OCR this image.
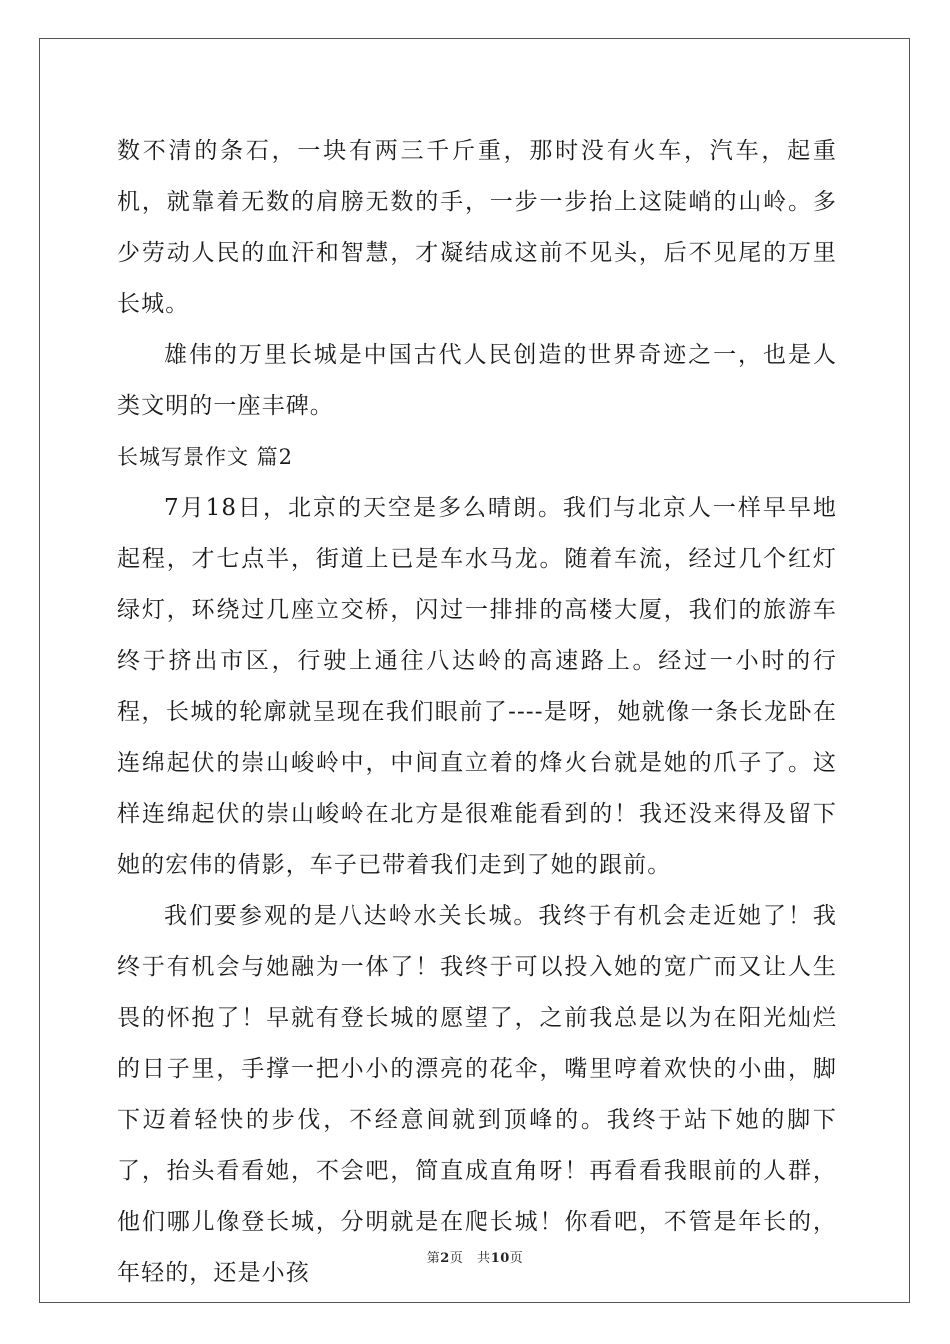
数不清的条石，一块有两三千斤重，那时没有火车，汽车，起重机，就靠着无数的肩膀无数的手，一步一步抬上这陡峭的山岭。多少劳动人民的血汗和智慧，才凝结成这前不见头，后不见尾的万里长城。

雄伟的万里长城是中国古代人民创造的世界奇迹之一，也是人类文明的一座丰碑。

长城写景作文 篇2

7月18日，北京的天空是多么晴朗。我们与北京人一样早早地起程，才七点半，街道上已是车水马龙。随着车流，经过几个红灯绿灯，环绕过几座立交桥，闪过一排排的高楼大厦，我们的旅游车终于挤出市区，行驶上通往八达岭的高速路上。经过一小时的行程，长城的轮廓就呈现在我们眼前了----是呀，她就像一条长龙卧在连绵起伏的崇山峻岭中，中间直立着的烽火台就是她的爪子了。这样连绵起伏的崇山峻岭在北方是很难能看到的！我还没来得及留下她的宏伟的倩影，车子已带着我们走到了她的跟前。

我们要参观的是八达岭水关长城。我终于有机会走近她了！我终于有机会与她融为一体了！我终于可以投入她的宽广而又让人生畏的怀抱了！早就有登长城的愿望了，之前我总是以为在阳光灿烂的日子里，手撑一把小小的漂亮的花伞，嘴里哼着欢快的小曲，脚下迈着轻快的步伐，不经意间就到顶峰的。我终于站下她的脚下了，抬头看看她，不会吧，简直成直角呀！再看看我眼前的人群，他们哪儿像登长城，分明就是在爬长城！你看吧，不管是年长的，年轻的，还是小孩

第2页 共10页
